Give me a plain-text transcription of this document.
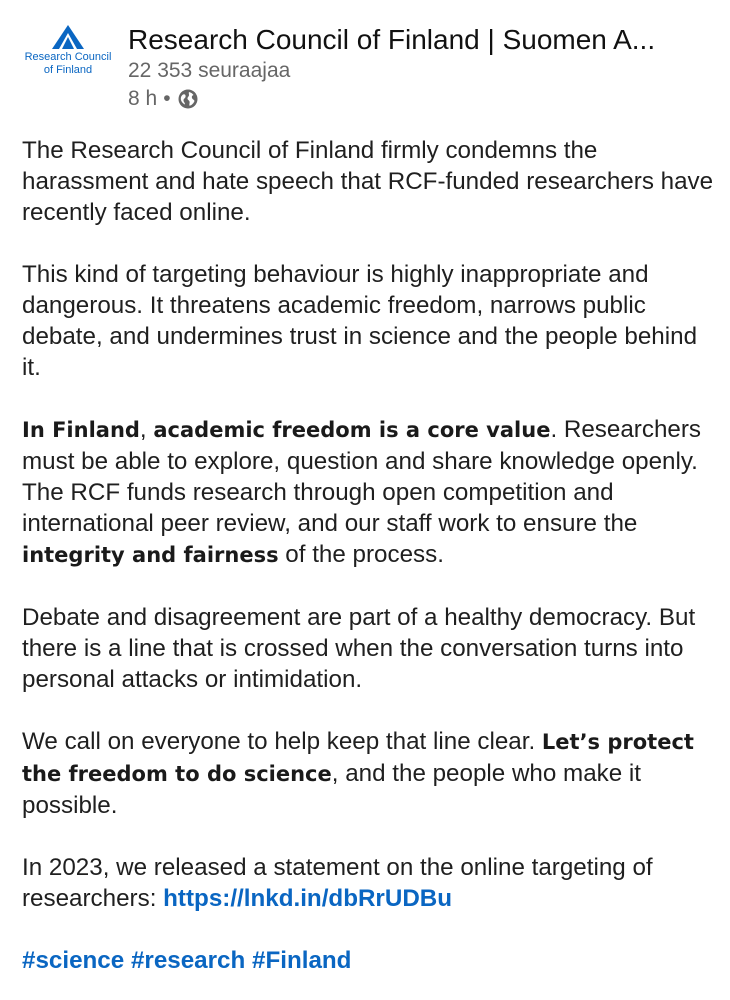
Research Council
of Finland
Research Council of Finland | Suomen A...
22 353 seuraajaa
8 h •

The Research Council of Finland firmly condemns the harassment and hate speech that RCF-funded researchers have recently faced online.

This kind of targeting behaviour is highly inappropriate and dangerous. It threatens academic freedom, narrows public debate, and undermines trust in science and the people behind it.

In Finland, academic freedom is a core value. Researchers must be able to explore, question and share knowledge openly. The RCF funds research through open competition and international peer review, and our staff work to ensure the integrity and fairness of the process.

Debate and disagreement are part of a healthy democracy. But there is a line that is crossed when the conversation turns into personal attacks or intimidation.

We call on everyone to help keep that line clear. Let’s protect the freedom to do science, and the people who make it possible.

In 2023, we released a statement on the online targeting of researchers: https://lnkd.in/dbRrUDBu

#science #research #Finland
